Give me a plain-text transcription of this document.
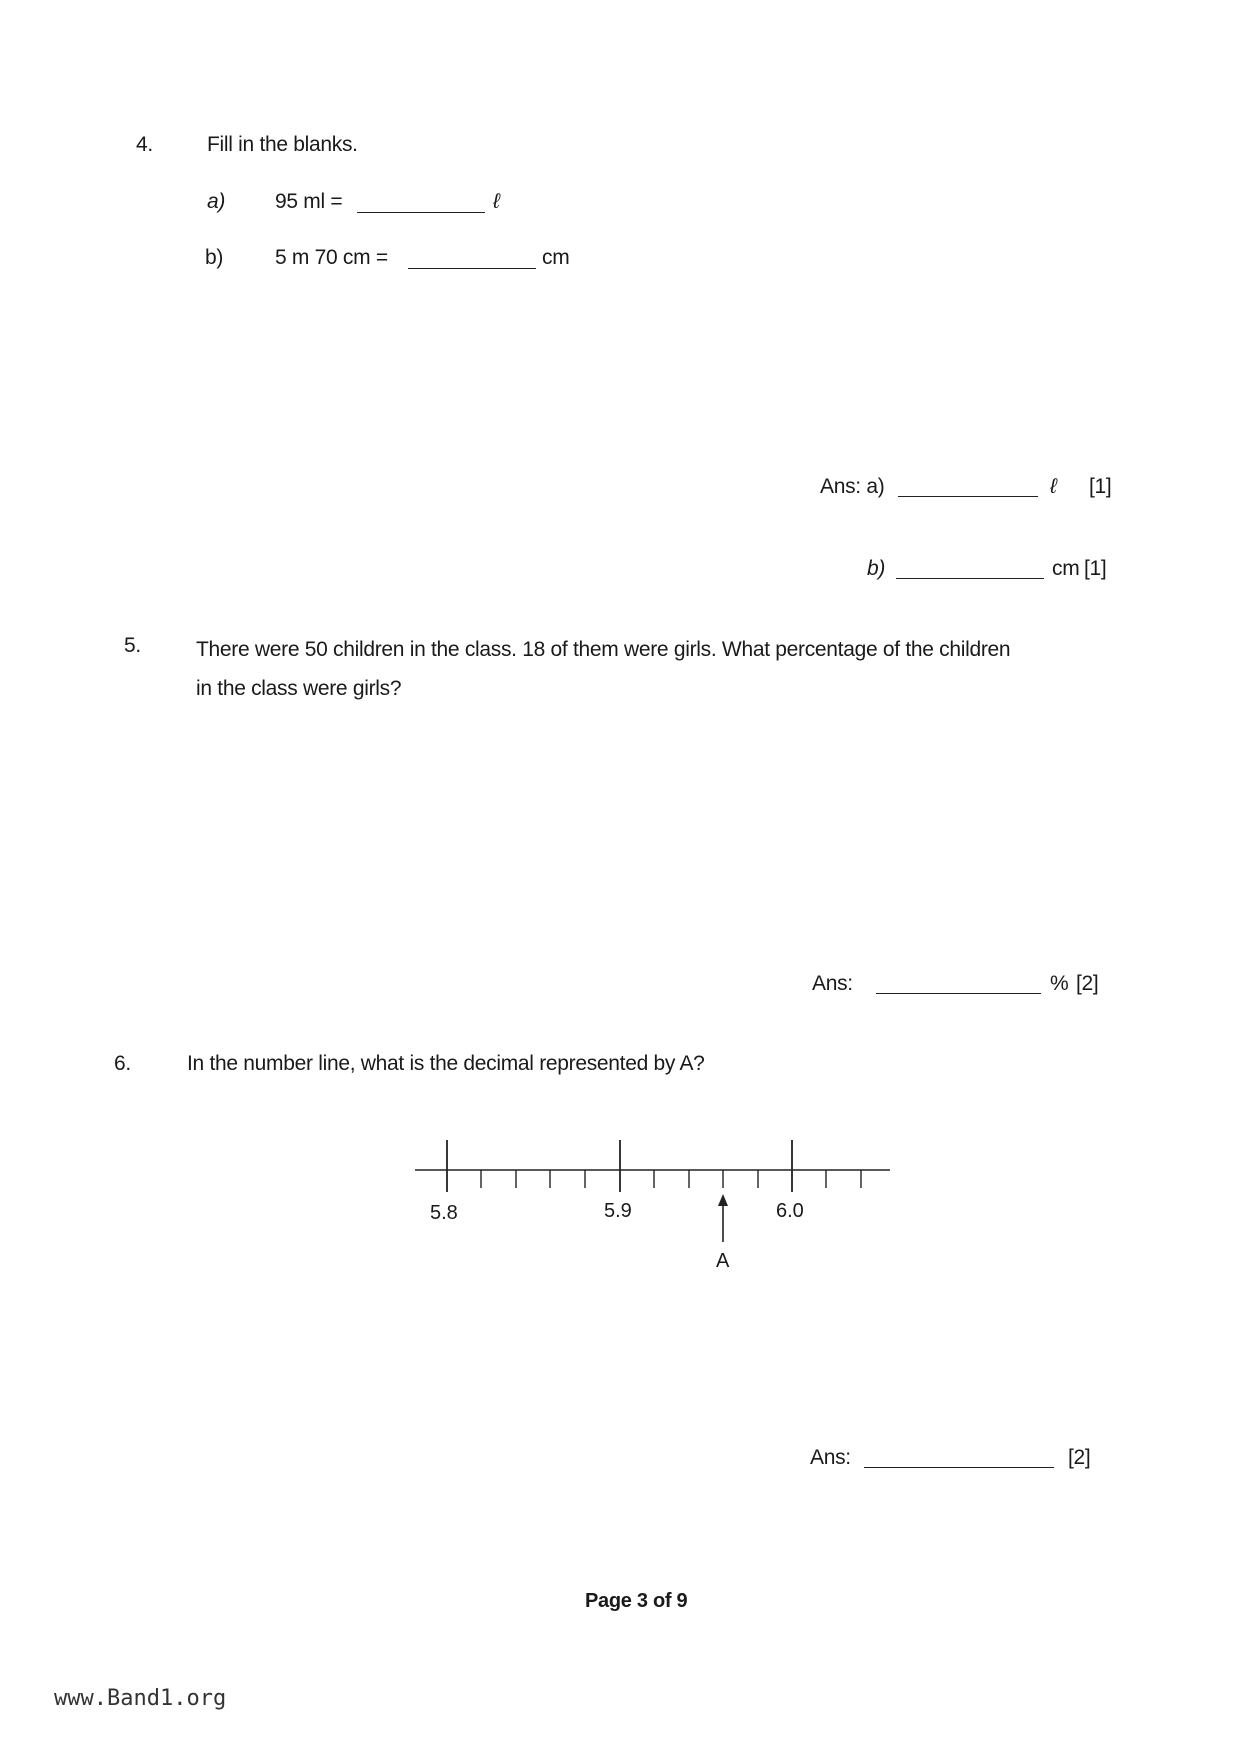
4.	Fill in the blanks.
a) 95 ml =	ℓ
b) 5 m 70 cm =	cm
Ans: a)	ℓ [1]
b)	cm [1]
5.	There were 50 children in the class. 18 of them were girls. What percentage of the children
in the class were girls?
Ans:	% [2]
6.	In the number line, what is the decimal represented by A?
5.8	5.9	6.0
A
Ans:	[2]
Page 3 of 9
www.Band1.org
